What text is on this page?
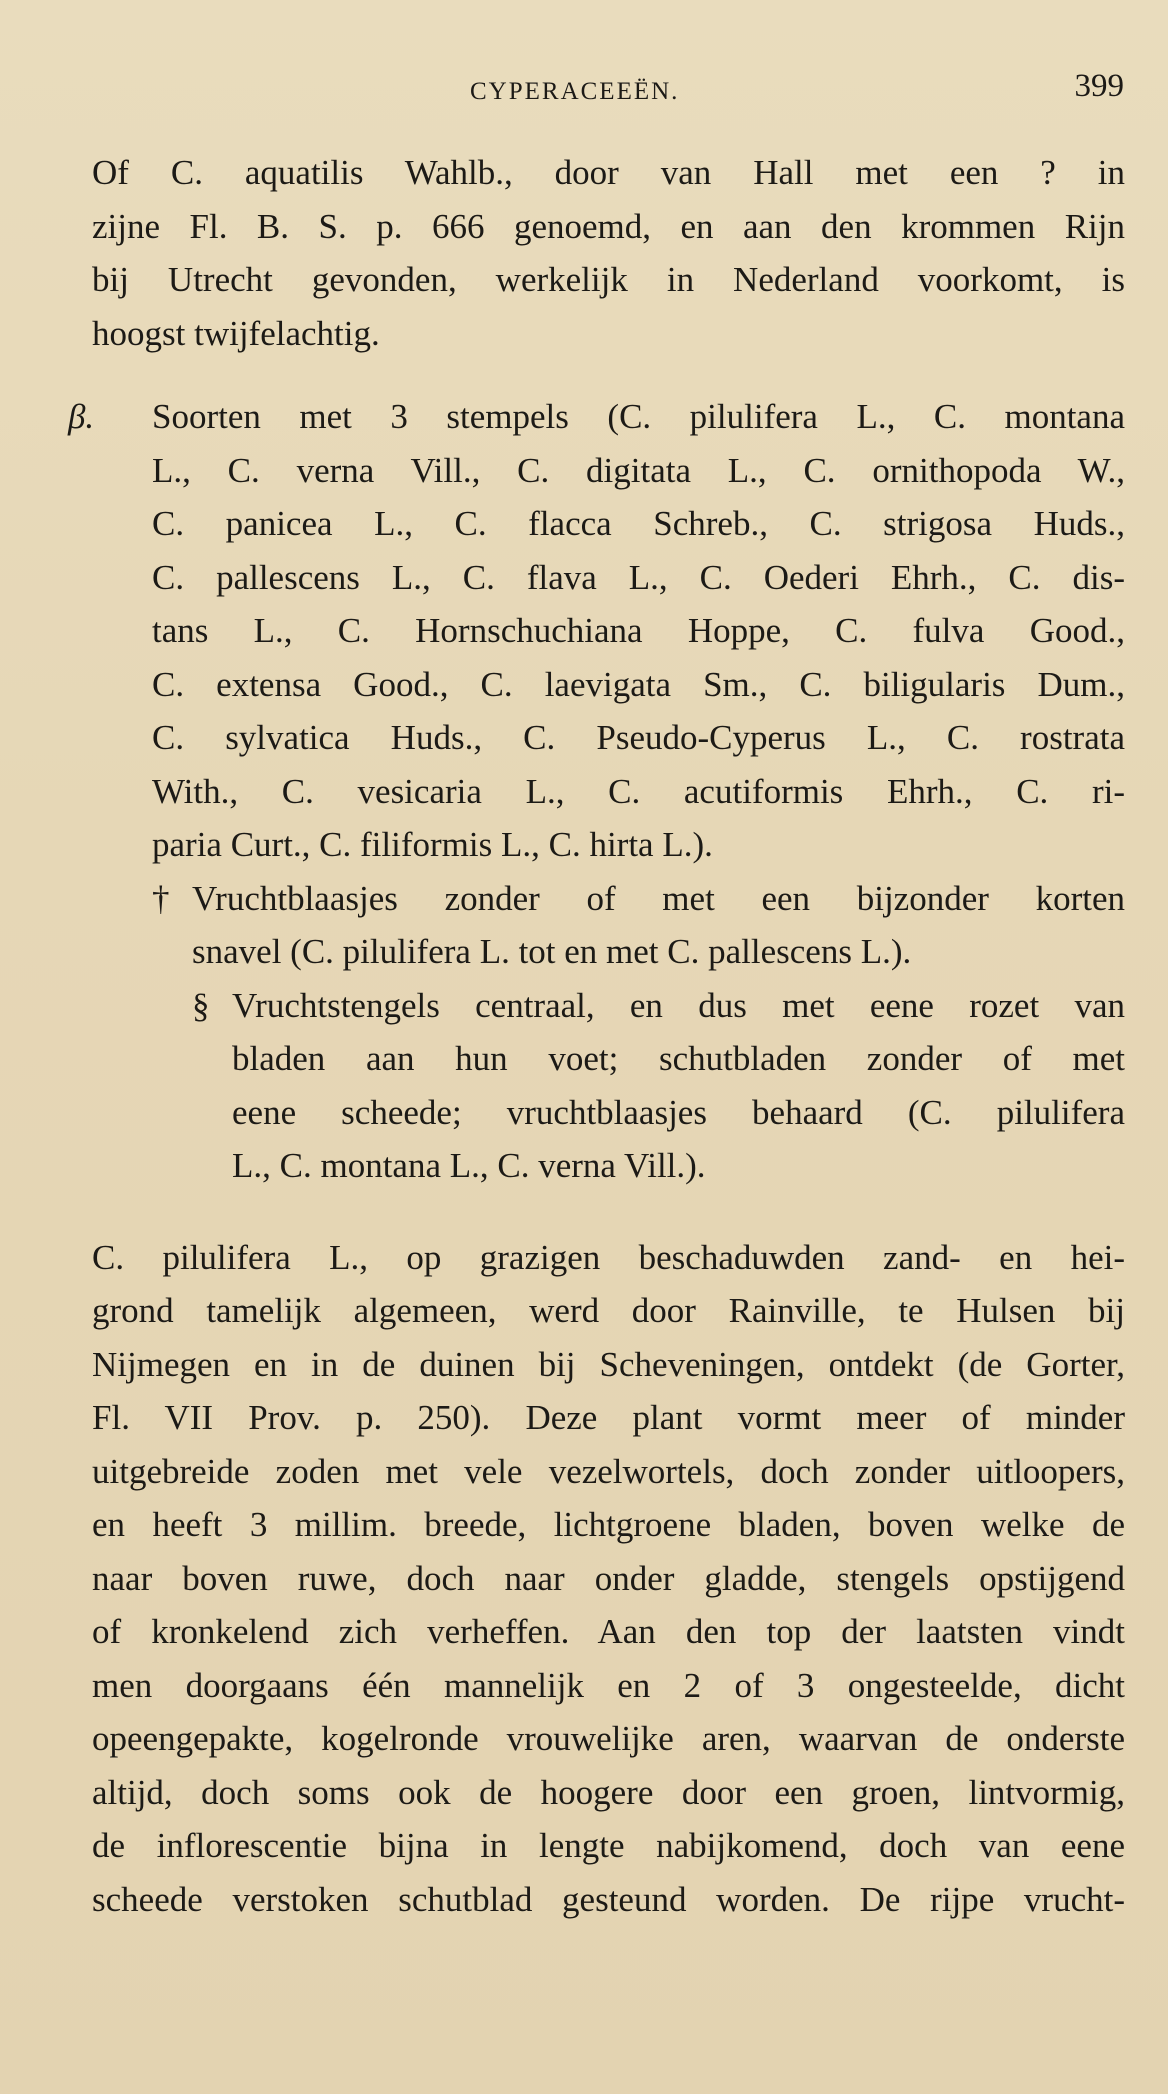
CYPERACEEËN.	399
Of C. aquatilis Wahlb., door van Hall met een ? in
zijne Fl. B. S. p. 666 genoemd, en aan den krommen Rijn
bij Utrecht gevonden, werkelijk in Nederland voorkomt, is
hoogst twijfelachtig.
β. Soorten met 3 stempels (C. pilulifera L., C. montana
L., C. verna Vill., C. digitata L., C. ornithopoda W.,
C. panicea L., C. flacca Schreb., C. strigosa Huds.,
C. pallescens L., C. flava L., C. Oederi Ehrh., C. dis-
tans L., C. Hornschuchiana Hoppe, C. fulva Good.,
C. extensa Good., C. laevigata Sm., C. biligularis Dum.,
C. sylvatica Huds., C. Pseudo-Cyperus L., C. rostrata
With., C. vesicaria L., C. acutiformis Ehrh., C. ri-
paria Curt., C. filiformis L., C. hirta L.).
† Vruchtblaasjes zonder of met een bijzonder korten
snavel (C. pilulifera L. tot en met C. pallescens L.).
§ Vruchtstengels centraal, en dus met eene rozet van
bladen aan hun voet; schutbladen zonder of met
eene scheede; vruchtblaasjes behaard (C. pilulifera
L., C. montana L., C. verna Vill.).
C. pilulifera L., op grazigen beschaduwden zand- en hei-
grond tamelijk algemeen, werd door Rainville, te Hulsen bij
Nijmegen en in de duinen bij Scheveningen, ontdekt (de Gorter,
Fl. VII Prov. p. 250). Deze plant vormt meer of minder
uitgebreide zoden met vele vezelwortels, doch zonder uitloopers,
en heeft 3 millim. breede, lichtgroene bladen, boven welke de
naar boven ruwe, doch naar onder gladde, stengels opstijgend
of kronkelend zich verheffen. Aan den top der laatsten vindt
men doorgaans één mannelijk en 2 of 3 ongesteelde, dicht
opeengepakte, kogelronde vrouwelijke aren, waarvan de onderste
altijd, doch soms ook de hoogere door een groen, lintvormig,
de inflorescentie bijna in lengte nabijkomend, doch van eene
scheede verstoken schutblad gesteund worden. De rijpe vrucht-
